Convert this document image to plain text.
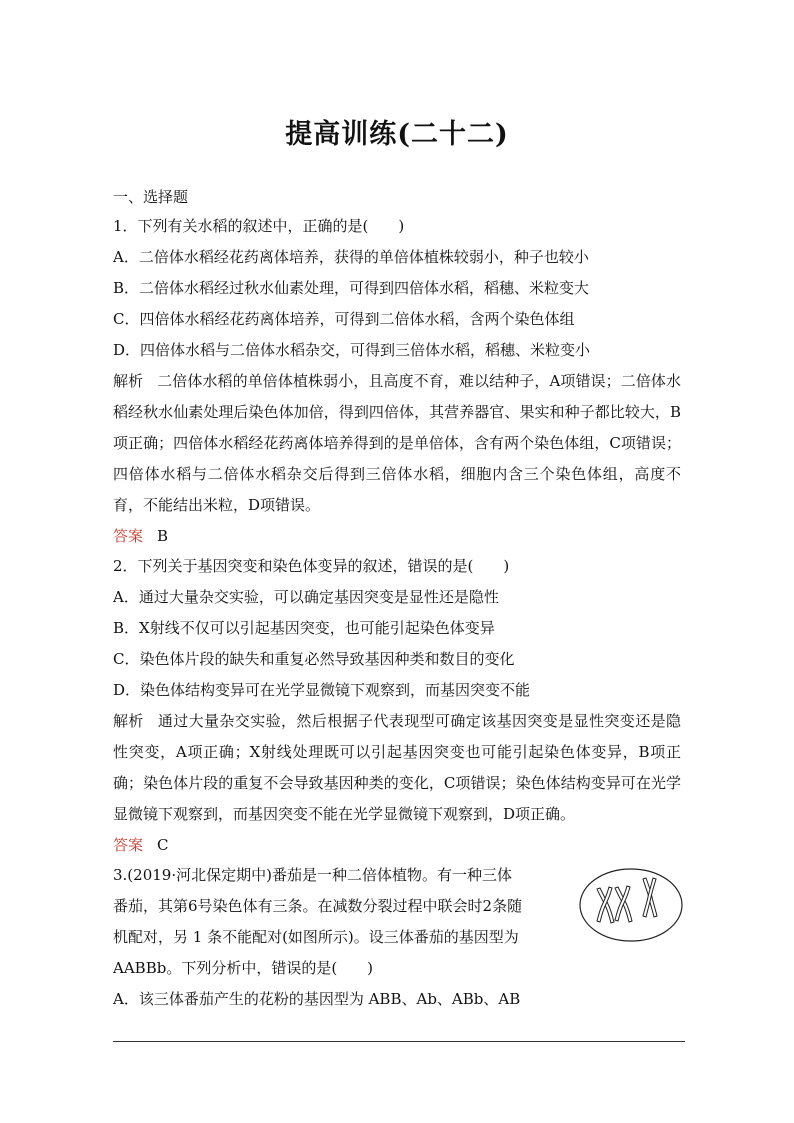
提高训练(二十二)
一、选择题
1．下列有关水稻的叙述中，正确的是(　　)
A．二倍体水稻经花药离体培养，获得的单倍体植株较弱小，种子也较小
B．二倍体水稻经过秋水仙素处理，可得到四倍体水稻，稻穗、米粒变大
C．四倍体水稻经花药离体培养，可得到二倍体水稻，含两个染色体组
D．四倍体水稻与二倍体水稻杂交，可得到三倍体水稻，稻穗、米粒变小
解析 二倍体水稻的单倍体植株弱小，且高度不育，难以结种子，A项错误；二倍体水稻经秋水仙素处理后染色体加倍，得到四倍体，其营养器官、果实和种子都比较大，B项正确；四倍体水稻经花药离体培养得到的是单倍体，含有两个染色体组，C项错误；四倍体水稻与二倍体水稻杂交后得到三倍体水稻，细胞内含三个染色体组，高度不育，不能结出米粒，D项错误。
答案 B
2．下列关于基因突变和染色体变异的叙述，错误的是(　　)
A．通过大量杂交实验，可以确定基因突变是显性还是隐性
B．X射线不仅可以引起基因突变，也可能引起染色体变异
C．染色体片段的缺失和重复必然导致基因种类和数目的变化
D．染色体结构变异可在光学显微镜下观察到，而基因突变不能
解析 通过大量杂交实验，然后根据子代表现型可确定该基因突变是显性突变还是隐性突变，A项正确；X射线处理既可以引起基因突变也可能引起染色体变异，B项正确；染色体片段的重复不会导致基因种类的变化，C项错误；染色体结构变异可在光学显微镜下观察到，而基因突变不能在光学显微镜下观察到，D项正确。
答案 C
3.(2019·河北保定期中)番茄是一种二倍体植物。有一种三体
番茄，其第6号染色体有三条。在减数分裂过程中联会时2条随
机配对，另 1 条不能配对(如图所示)。设三体番茄的基因型为
AABBb。下列分析中，错误的是(　　)
A．该三体番茄产生的花粉的基因型为 ABB、Ab、ABb、AB
